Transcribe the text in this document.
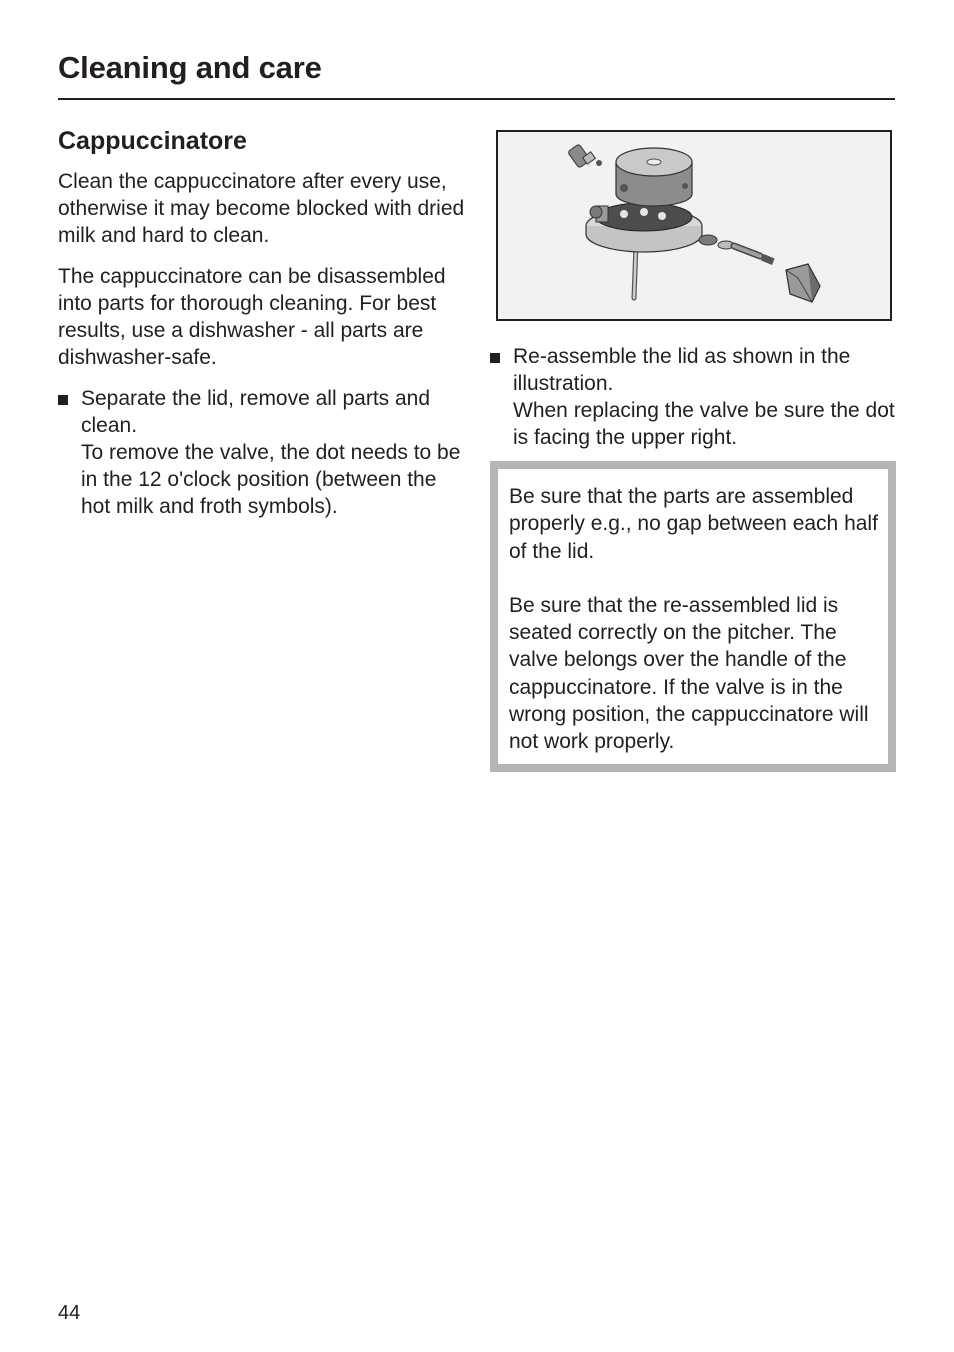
Cleaning and care
Cappuccinatore

Clean the cappuccinatore after every use, otherwise it may become blocked with dried milk and hard to clean.

The cappuccinatore can be disassembled into parts for thorough cleaning. For best results, use a dishwasher - all parts are dishwasher-safe.

Separate the lid, remove all parts and clean.
To remove the valve, the dot needs to be in the 12 o'clock position (between the hot milk and froth symbols).
Re-assemble the lid as shown in the illustration.
When replacing the valve be sure the dot is facing the upper right.

Be sure that the parts are assembled properly e.g., no gap between each half of the lid.

Be sure that the re-assembled lid is seated correctly on the pitcher. The valve belongs over the handle of the cappuccinatore. If the valve is in the wrong position, the cappuccinatore will not work properly.

44
